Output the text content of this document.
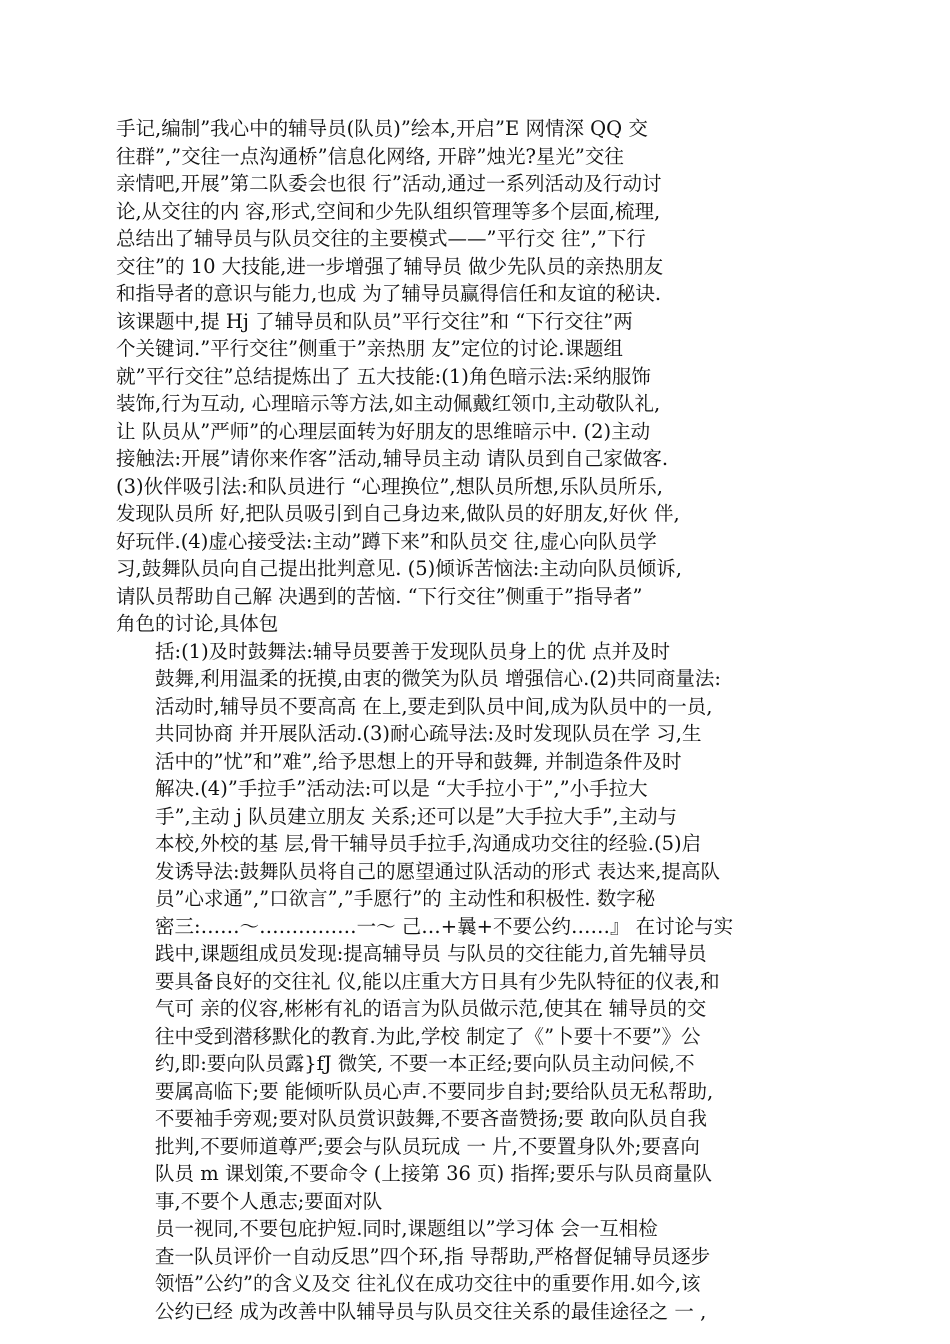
手记,编制”我心中的辅导员(队员)”绘本,开启”E 网情深 QQ 交
往群”,”交往一点沟通桥”信息化网络, 开辟”烛光?星光”交往
亲情吧,开展”第二队委会也很 行”活动,通过一系列活动及行动讨
论,从交往的内 容,形式,空间和少先队组织管理等多个层面,梳理,
总结出了辅导员与队员交往的主要模式——”平行交 往”,”下行
交往”的 10 大技能,进一步增强了辅导员 做少先队员的亲热朋友
和指导者的意识与能力,也成 为了辅导员赢得信任和友谊的秘诀.
该课题中,提 Hj 了辅导员和队员”平行交往”和 “下行交往”两
个关键词.”平行交往”侧重于”亲热朋 友”定位的讨论.课题组
就”平行交往”总结提炼出了 五大技能:(1)角色暗示法:采纳服饰
装饰,行为互动, 心理暗示等方法,如主动佩戴红领巾,主动敬队礼,
让 队员从”严师”的心理层面转为好朋友的思维暗示中. (2)主动
接触法:开展”请你来作客”活动,辅导员主动 请队员到自己家做客.
(3)伙伴吸引法:和队员进行 “心理换位”,想队员所想,乐队员所乐,
发现队员所 好,把队员吸引到自己身边来,做队员的好朋友,好伙 伴,
好玩伴.(4)虚心接受法:主动”蹲下来”和队员交 往,虚心向队员学
习,鼓舞队员向自己提出批判意见. (5)倾诉苦恼法:主动向队员倾诉,
请队员帮助自己解 决遇到的苦恼. “下行交往”侧重于”指导者”
角色的讨论,具体包

括:(1)及时鼓舞法:辅导员要善于发现队员身上的优 点并及时
鼓舞,利用温柔的抚摸,由衷的微笑为队员 增强信心.(2)共同商量法:
活动时,辅导员不要高高 在上,要走到队员中间,成为队员中的一员,
共同协商 并开展队活动.(3)耐心疏导法:及时发现队员在学 习,生
活中的”忧”和”难”,给予思想上的开导和鼓舞, 并制造条件及时
解决.(4)”手拉手”活动法:可以是 “大手拉小于”,”小手拉大
手”,主动 j 队员建立朋友 关系;还可以是”大手拉大手”,主动与
本校,外校的基 层,骨干辅导员手拉手,沟通成功交往的经验.(5)启
发诱导法:鼓舞队员将自己的愿望通过队活动的形式 表达来,提高队
员”心求通”,”口欲言”,”手愿行”的 主动性和积极性. 数字秘
密三:……～……………一～ 己…+曩+不要公约……』 在讨论与实
践中,课题组成员发现:提高辅导员 与队员的交往能力,首先辅导员
要具备良好的交往礼 仪,能以庄重大方日具有少先队特征的仪表,和
气可 亲的仪容,彬彬有礼的语言为队员做示范,使其在 辅导员的交
往中受到潜移默化的教育.为此,学校 制定了《”卜要十不要”》公
约,即:要向队员露}fJ 微笑, 不要一本正经;要向队员主动问候,不
要属高临下;要 能倾听队员心声.不要同步自封;要给队员无私帮助,
不要袖手旁观;要对队员赏识鼓舞,不要吝啬赞扬;要 敢向队员自我
批判,不要师道尊严;要会与队员玩成 一 片,不要置身队外;要喜向
队员 m 课划策,不要命令 (上接第 36 页) 指挥;要乐与队员商量队
事,不要个人恿志;要面对队

员一视同,不要包庇护短.同时,课题组以”学习体 会一互相检
查一队员评价一自动反思”四个环,指 导帮助,严格督促辅导员逐步
领悟”公约”的含义及交 往礼仪在成功交往中的重要作用.如今,该
公约已经 成为改善中队辅导员与队员交往关系的最佳途径之 一 ,
